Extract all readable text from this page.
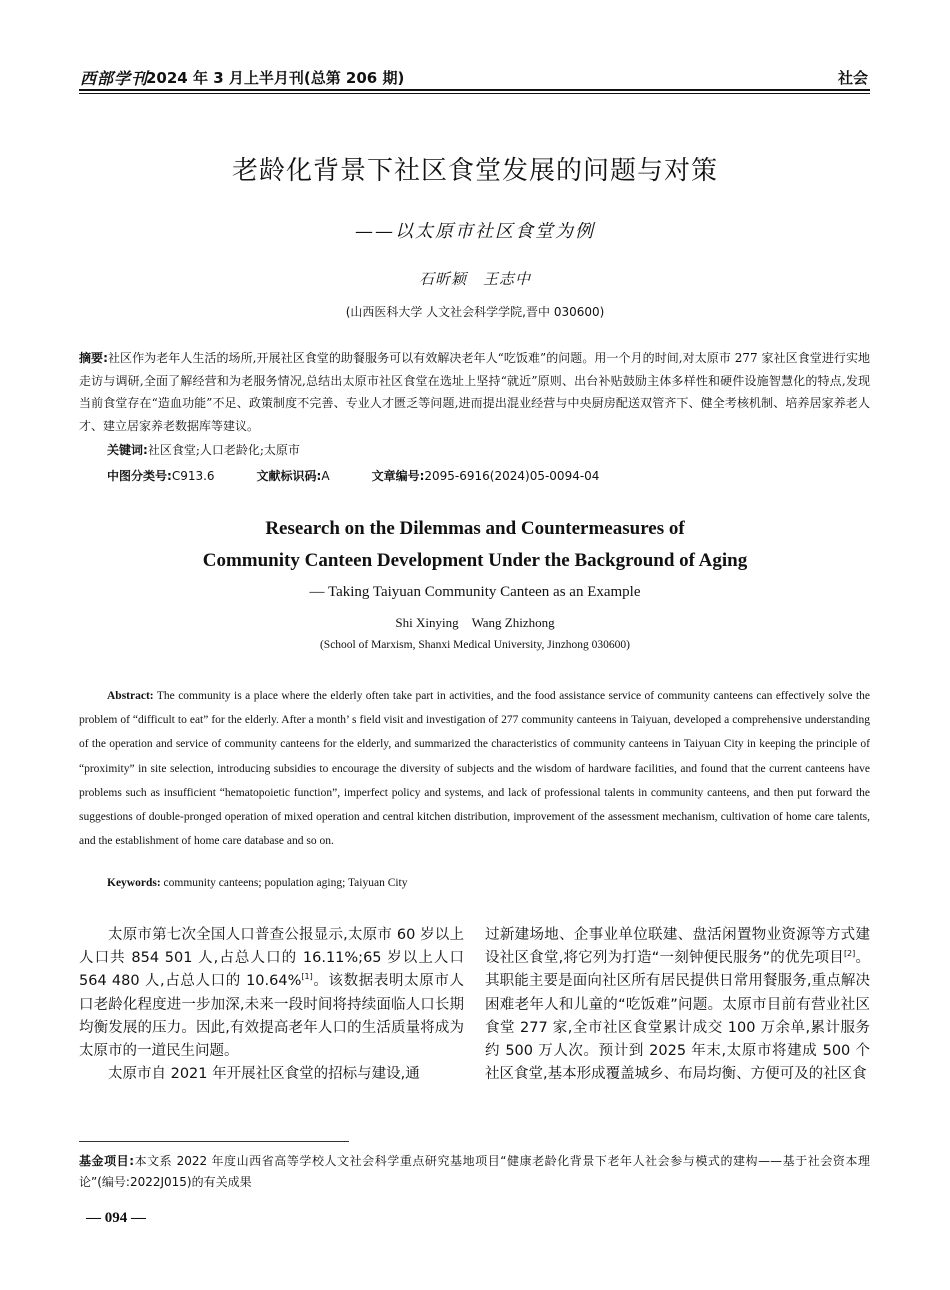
西部学刊
2024 年 3 月上半月刊(总第 206 期)	社会
老龄化背景下社区食堂发展的问题与对策
——以太原市社区食堂为例
石昕颖　王志中
(山西医科大学 人文社会科学学院,晋中 030600)
摘要:社区作为老年人生活的场所,开展社区食堂的助餐服务可以有效解决老年人“吃饭难”的问题。用一个月的时间,对太原市 277 家社区食堂进行实地走访与调研,全面了解经营和为老服务情况,总结出太原市社区食堂在选址上坚持“就近”原则、出台补贴鼓励主体多样性和硬件设施智慧化的特点,发现当前食堂存在“造血功能”不足、政策制度不完善、专业人才匮乏等问题,进而提出混业经营与中央厨房配送双管齐下、健全考核机制、培养居家养老人才、建立居家养老数据库等建议。
关键词:社区食堂;人口老龄化;太原市
中图分类号:C913.6	文献标识码:A	文章编号:2095-6916(2024)05-0094-04
Research on the Dilemmas and Countermeasures of
Community Canteen Development Under the Background of Aging
— Taking Taiyuan Community Canteen as an Example
Shi Xinying　Wang Zhizhong
(School of Marxism, Shanxi Medical University, Jinzhong 030600)
Abstract: The community is a place where the elderly often take part in activities, and the food assistance service of community canteens can effectively solve the problem of “difficult to eat” for the elderly. After a month’ s field visit and investigation of 277 community canteens in Taiyuan, developed a comprehensive understanding of the operation and service of community canteens for the elderly, and summarized the characteristics of community canteens in Taiyuan City in keeping the principle of “proximity” in site selection, introducing subsidies to encourage the diversity of subjects and the wisdom of hardware facilities, and found that the current canteens have problems such as insufficient “hematopoietic function”, imperfect policy and systems, and lack of professional talents in community canteens, and then put forward the suggestions of double-pronged operation of mixed operation and central kitchen distribution, improvement of the assessment mechanism, cultivation of home care talents, and the establishment of home care database and so on.
Keywords: community canteens; population aging; Taiyuan City

太原市第七次全国人口普查公报显示,太原市 60 岁以上人口共 854 501 人,占总人口的 16.11%;65 岁以上人口 564 480 人,占总人口的 10.64%[1]。该数据表明太原市人口老龄化程度进一步加深,未来一段时间将持续面临人口长期均衡发展的压力。因此,有效提高老年人口的生活质量将成为太原市的一道民生问题。

太原市自 2021 年开展社区食堂的招标与建设,通

过新建场地、企事业单位联建、盘活闲置物业资源等方式建设社区食堂,将它列为打造“一刻钟便民服务”的优先项目[2]。其职能主要是面向社区所有居民提供日常用餐服务,重点解决困难老年人和儿童的“吃饭难”问题。太原市目前有营业社区食堂 277 家,全市社区食堂累计成交 100 万余单,累计服务约 500 万人次。预计到 2025 年末,太原市将建成 500 个社区食堂,基本形成覆盖城乡、布局均衡、方便可及的社区食

基金项目:本文系 2022 年度山西省高等学校人文社会科学重点研究基地项目“健康老龄化背景下老年人社会参与模式的建构——基于社会资本理论”(编号:2022J015)的有关成果
— 094 —
